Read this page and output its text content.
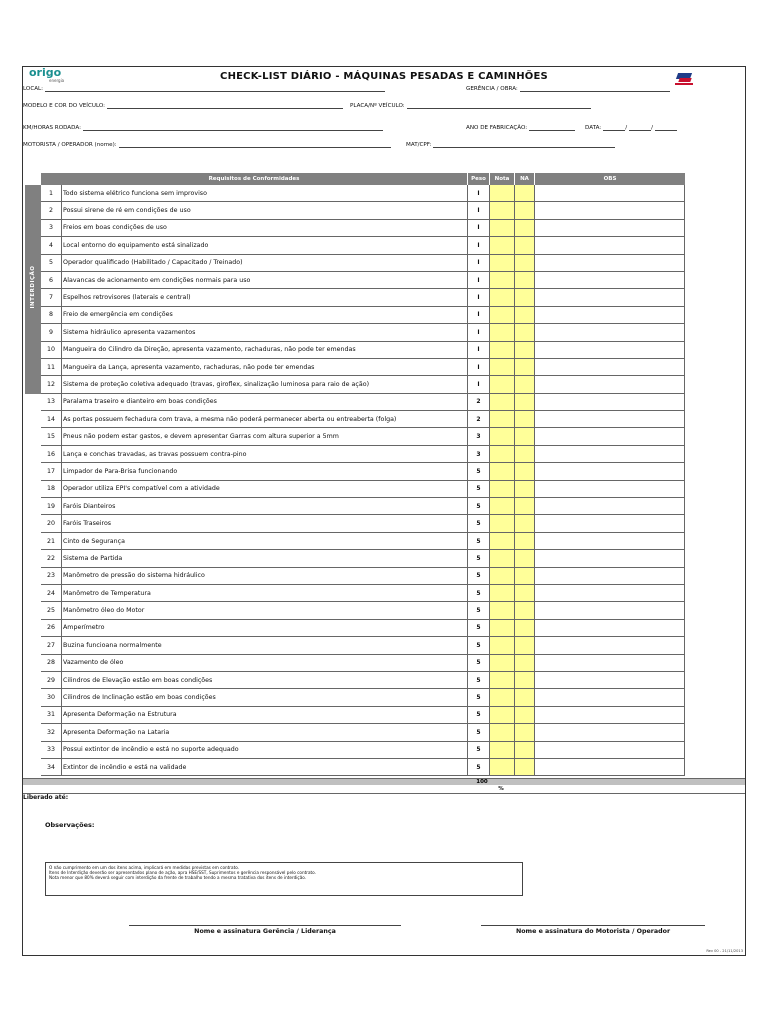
origo
energia	CHECK-LIST DIÁRIO - MÁQUINAS PESADAS E CAMINHÕES
LOCAL:	GERÊNCIA / OBRA:
MODELO E COR DO VEÍCULO:	PLACA/Nº VEÍCULO:
KM/HORAS RODADA:	ANO DE FABRICAÇÃO:	DATA:	/	/
MOTORISTA / OPERADOR (nome):	MAT/CPF:
Requisitos de Conformidades	Peso	Nota	NA	OBS
INTERDIÇÃO
1	Todo sistema elétrico funciona sem improviso	I
2	Possui sirene de ré em condições de uso	I
3	Freios em boas condições de uso	I
4	Local entorno do equipamento está sinalizado	I
5	Operador qualificado (Habilitado / Capacitado / Treinado)	I
6	Alavancas de acionamento em condições normais para uso	I
7	Espelhos retrovisores (laterais e central)	I
8	Freio de emergência em condições	I
9	Sistema hidráulico apresenta vazamentos	I
10	Mangueira do Cilindro da Direção, apresenta vazamento, rachaduras, não pode ter emendas	I
11	Mangueira da Lança, apresenta vazamento, rachaduras, não pode ter emendas	I
12	Sistema de proteção coletiva adequado (travas, giroflex, sinalização luminosa para raio de ação)	I
13	Paralama traseiro e dianteiro em boas condições	2
14	As portas possuem fechadura com trava, a mesma não poderá permanecer aberta ou entreaberta (folga)	2
15	Pneus não podem estar gastos, e devem apresentar Garras com altura superior a 5mm	3
16	Lança e conchas travadas, as travas possuem contra-pino	3
17	Limpador de Para-Brisa funcionando	5
18	Operador utiliza EPI's compatível com a atividade	5
19	Faróis Dianteiros	5
20	Faróis Traseiros	5
21	Cinto de Segurança	5
22	Sistema de Partida	5
23	Manômetro de pressão do sistema hidráulico	5
24	Manômetro de Temperatura	5
25	Manômetro óleo do Motor	5
26	Amperímetro	5
27	Buzina funcioana normalmente	5
28	Vazamento de óleo	5
29	Cilindros de Elevação estão em boas condições	5
30	Cilindros de Inclinação estão em boas condições	5
31	Apresenta Deformação na Estrutura	5
32	Apresenta Deformação na Lataria	5
33	Possui extintor de incêndio e está no suporte adequado	5
34	Extintor de incêndio e está na validade	5
100
%
Liberado até:
Observações:
O não cumprimento em um dos itens acima, implicará em medidas previstas em contrato.
Itens de Interdição deverão ser apresentados plano de ação, apra HSE/SST, Suprimentos e gerência responsável pelo contrato.
Nota menor que 80% deverá seguir com interdição da frente de trabalho tendo a mesma tratativa dos itens de interdição.
Nome e assinatura Gerência / Liderança	Nome e assinatura do Motorista / Operador
Rev 00 - 21/11/2013
